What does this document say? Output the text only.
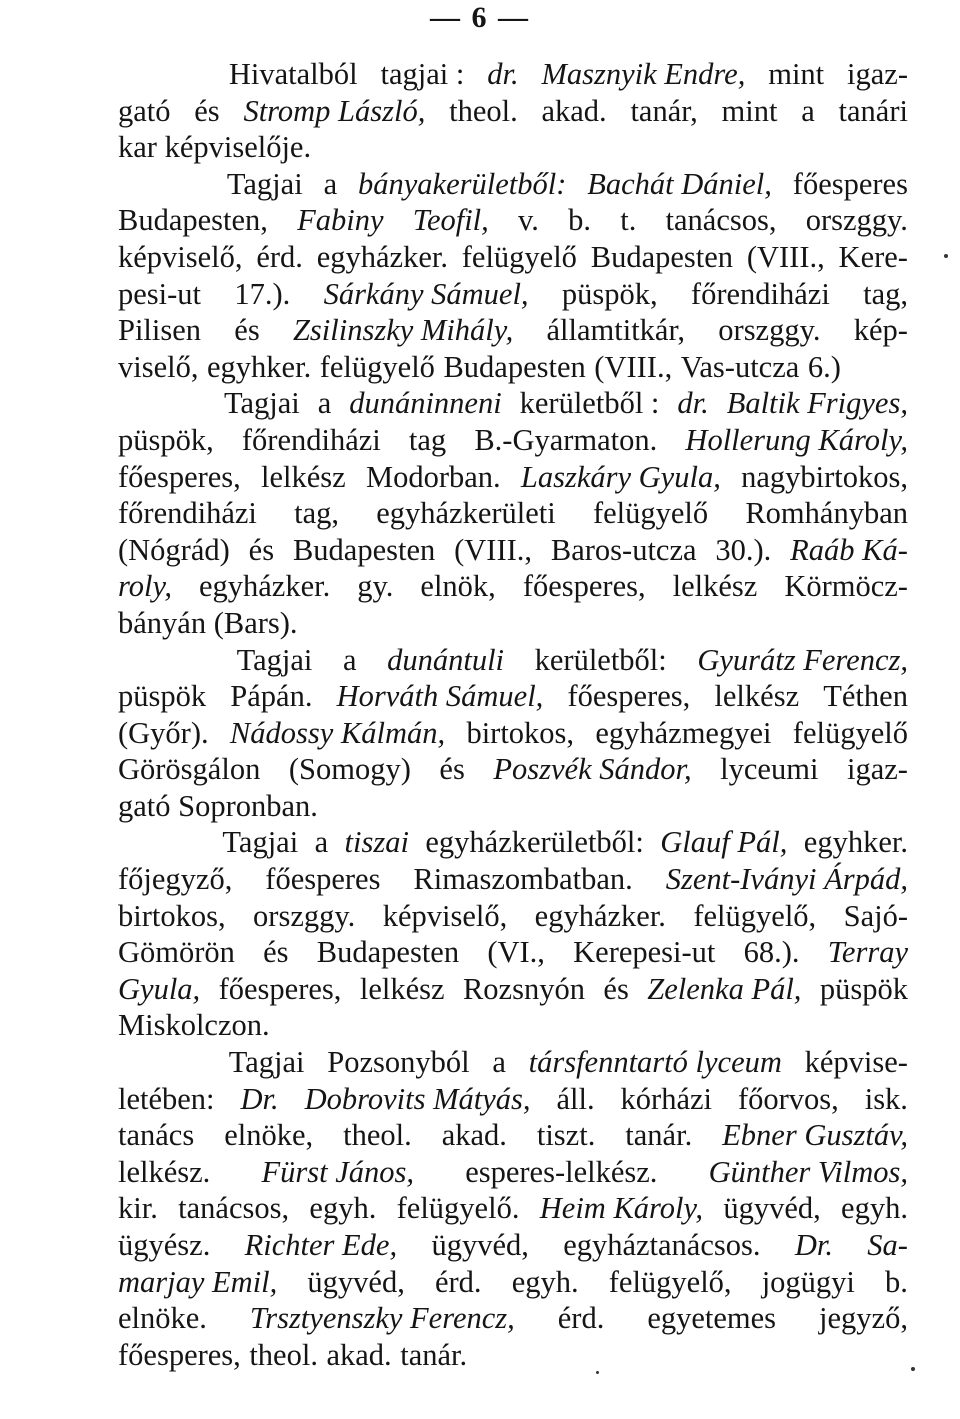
— 6 —
Hivatalból tagjai : dr. Masznyik Endre, mint igaz-
gató és Stromp László, theol. akad. tanár, mint a tanári
kar képviselője.
Tagjai a bányakerületből: Bachát Dániel, főesperes
Budapesten, Fabiny Teofil, v. b. t. tanácsos, orszggy.
képviselő, érd. egyházker. felügyelő Budapesten (VIII., Kere-
pesi-ut 17.). Sárkány Sámuel, püspök, főrendiházi tag,
Pilisen és Zsilinszky Mihály, államtitkár, orszggy. kép-
viselő, egyhker. felügyelő Budapesten (VIII., Vas-utcza 6.)
Tagjai a dunáninneni kerületből : dr. Baltik Frigyes,
püspök, főrendiházi tag B.-Gyarmaton. Hollerung Károly,
főesperes, lelkész Modorban. Laszkáry Gyula, nagybirtokos,
főrendiházi tag, egyházkerületi felügyelő Romhányban
(Nógrád) és Budapesten (VIII., Baros-utcza 30.). Raáb Ká-
roly, egyházker. gy. elnök, főesperes, lelkész Körmöcz-
bányán (Bars).
Tagjai a dunántuli kerületből: Gyurátz Ferencz,
püspök Pápán. Horváth Sámuel, főesperes, lelkész Téthen
(Győr). Nádossy Kálmán, birtokos, egyházmegyei felügyelő
Görösgálon (Somogy) és Poszvék Sándor, lyceumi igaz-
gató Sopronban.
Tagjai a tiszai egyházkerületből: Glauf Pál, egyhker.
főjegyző, főesperes Rimaszombatban. Szent-Iványi Árpád,
birtokos, orszggy. képviselő, egyházker. felügyelő, Sajó-
Gömörön és Budapesten (VI., Kerepesi-ut 68.). Terray
Gyula, főesperes, lelkész Rozsnyón és Zelenka Pál, püspök
Miskolczon.
Tagjai Pozsonyból a társfenntartó lyceum képvise-
letében: Dr. Dobrovits Mátyás, áll. kórházi főorvos, isk.
tanács elnöke, theol. akad. tiszt. tanár. Ebner Gusztáv,
lelkész. Fürst János, esperes-lelkész. Günther Vilmos,
kir. tanácsos, egyh. felügyelő. Heim Károly, ügyvéd, egyh.
ügyész. Richter Ede, ügyvéd, egyháztanácsos. Dr. Sa-
marjay Emil, ügyvéd, érd. egyh. felügyelő, jogügyi b.
elnöke. Trsztyenszky Ferencz, érd. egyetemes jegyző,
főesperes, theol. akad. tanár.
